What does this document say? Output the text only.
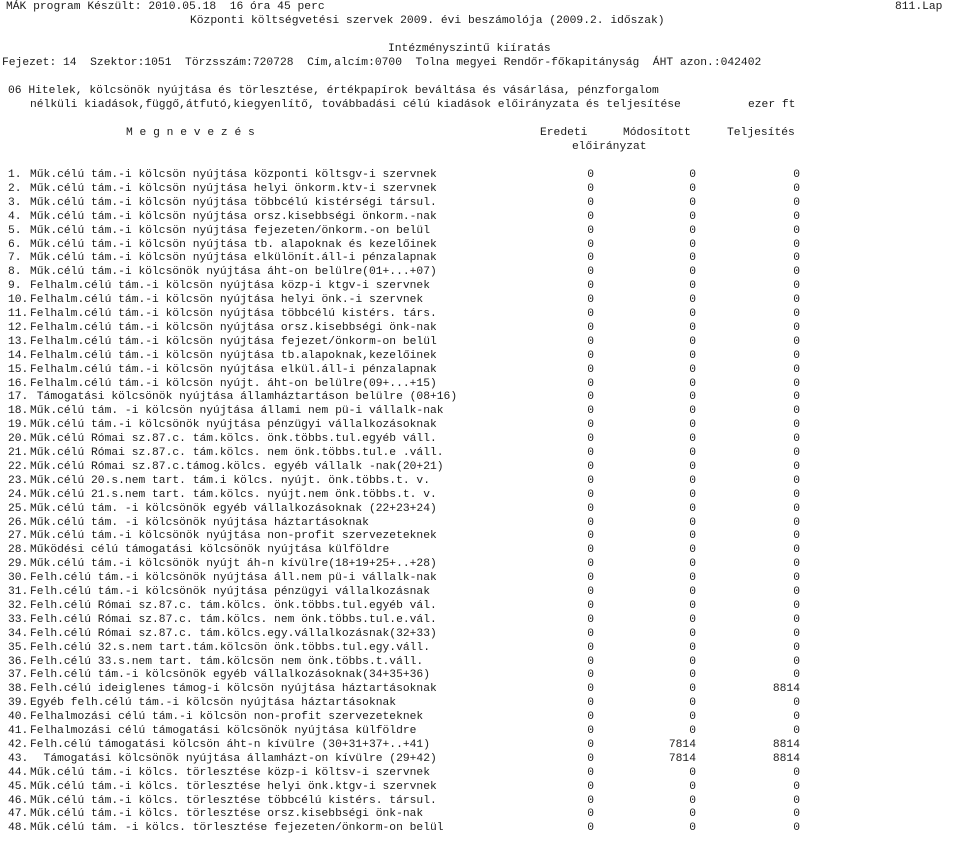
MÁK program Készült: 2010.05.18  16 óra 45 perc
Központi költségvetési szervek 2009. évi beszámolója (2009.2. időszak)
811.Lap
Intézményszintű kiíratás
Fejezet: 14  Szektor:1051  Törzsszám:720728  Cím,alcím:0700  Tolna megyei Rendőr-főkapitányság  ÁHT azon.:042402
06 Hitelek, kölcsönök nyújtása és törlesztése, értékpapírok beváltása és vásárlása, pénzforgalom
nélküli kiadások,függő,átfutó,kiegyenlítő, továbbadási célú kiadások előirányzata és teljesítése	ezer ft
M e g n e v e z é s	Eredeti	Módosított	Teljesítés
előirányzat
1. Műk.célú tám.-i kölcsön nyújtása központi költsgv-i szervnek	0	0	0
2. Műk.célú tám.-i kölcsön nyújtása helyi önkorm.ktv-i szervnek	0	0	0
3. Műk.célú tám.-i kölcsön nyújtása többcélú kistérségi társul.	0	0	0
4. Műk.célú tám.-i kölcsön nyújtása orsz.kisebbségi önkorm.-nak	0	0	0
5. Műk.célú tám.-i kölcsön nyújtása fejezeten/önkorm.-on belül	0	0	0
6. Műk.célú tám.-i kölcsön nyújtása tb. alapoknak és kezelőinek	0	0	0
7. Műk.célú tám.-i kölcsön nyújtása elkülönít.áll-i pénzalapnak	0	0	0
8. Műk.célú tám.-i kölcsönök nyújtása áht-on belülre(01+...+07)	0	0	0
9. Felhalm.célú tám.-i kölcsön nyújtása közp-i ktgv-i szervnek	0	0	0
10. Felhalm.célú tám.-i kölcsön nyújtása helyi önk.-i szervnek	0	0	0
11. Felhalm.célú tám.-i kölcsön nyújtása többcélú kistérs. társ.	0	0	0
12. Felhalm.célú tám.-i kölcsön nyújtása orsz.kisebbségi önk-nak	0	0	0
13. Felhalm.célú tám.-i kölcsön nyújtása fejezet/önkorm-on belül	0	0	0
14. Felhalm.célú tám.-i kölcsön nyújtása tb.alapoknak,kezelőinek	0	0	0
15. Felhalm.célú tám.-i kölcsön nyújtása elkül.áll-i pénzalapnak	0	0	0
16. Felhalm.célú tám.-i kölcsön nyújt. áht-on belülre(09+...+15)	0	0	0
17. Támogatási kölcsönök nyújtása államháztartáson belülre (08+16)	0	0	0
18. Műk.célú tám. -i kölcsön nyújtása állami nem pü-i vállalk-nak	0	0	0
19. Műk.célú tám.-i kölcsönök nyújtása pénzügyi vállalkozásoknak	0	0	0
20. Műk.célú Római sz.87.c. tám.kölcs. önk.többs.tul.egyéb váll.	0	0	0
21. Műk.célú Római sz.87.c. tám.kölcs. nem önk.többs.tul.e .váll.	0	0	0
22. Műk.célú Római sz.87.c.támog.kölcs. egyéb vállalk -nak(20+21)	0	0	0
23. Műk.célú 20.s.nem tart. tám.i kölcs. nyújt. önk.többs.t. v.	0	0	0
24. Műk.célú 21.s.nem tart. tám.kölcs. nyújt.nem önk.többs.t. v.	0	0	0
25. Műk.célú tám. -i kölcsönök egyéb vállalkozásoknak (22+23+24)	0	0	0
26. Műk.célú tám. -i kölcsönök nyújtása háztartásoknak	0	0	0
27. Műk.célú tám.-i kölcsönök nyújtása non-profit szervezeteknek	0	0	0
28. Működési célú támogatási kölcsönök nyújtása külföldre	0	0	0
29. Műk.célú tám.-i kölcsönök nyújt áh-n kívülre(18+19+25+..+28)	0	0	0
30. Felh.célú tám.-i kölcsönök nyújtása áll.nem pü-i vállalk-nak	0	0	0
31. Felh.célú tám.-i kölcsönök nyújtása pénzügyi vállalkozásnak	0	0	0
32. Felh.célú Római sz.87.c. tám.kölcs. önk.többs.tul.egyéb vál.	0	0	0
33. Felh.célú Római sz.87.c. tám.kölcs. nem önk.többs.tul.e.vál.	0	0	0
34. Felh.célú Római sz.87.c. tám.kölcs.egy.vállalkozásnak(32+33)	0	0	0
35. Felh.célú 32.s.nem tart.tám.kölcsön önk.többs.tul.egy.váll.	0	0	0
36. Felh.célú 33.s.nem tart. tám.kölcsön nem önk.többs.t.váll.	0	0	0
37. Felh.célú tám.-i kölcsönök egyéb vállalkozásoknak(34+35+36)	0	0	0
38. Felh.célú ideiglenes támog-i kölcsön nyújtása háztartásoknak	0	0	8814
39. Egyéb felh.célú tám.-i kölcsön nyújtása háztartásoknak	0	0	0
40. Felhalmozási célú tám.-i kölcsön non-profit szervezeteknek	0	0	0
41. Felhalmozási célú támogatási kölcsönök nyújtása külföldre	0	0	0
42. Felh.célú támogatási kölcsön áht-n kívülre (30+31+37+..+41)	0	7814	8814
43. Támogatási kölcsönök nyújtása államházt-on kívülre (29+42)	0	7814	8814
44. Műk.célú tám.-i kölcs. törlesztése közp-i költsv-i szervnek	0	0	0
45. Műk.célú tám.-i kölcs. törlesztése helyi önk.ktgv-i szervnek	0	0	0
46. Műk.célú tám.-i kölcs. törlesztése többcélú kistérs. társul.	0	0	0
47. Műk.célú tám.-i kölcs. törlesztése orsz.kisebbségi önk-nak	0	0	0
48. Műk.célú tám. -i kölcs. törlesztése fejezeten/önkorm-on belül	0	0	0
